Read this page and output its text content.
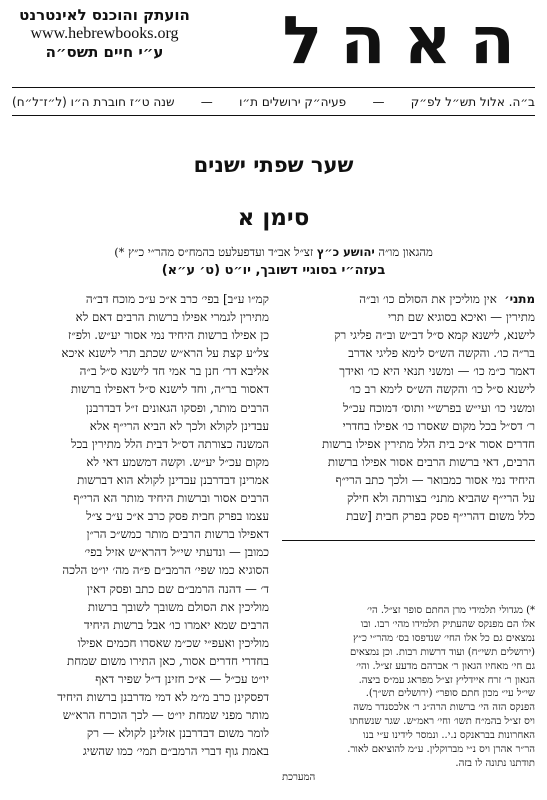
הועתק והוכנס לאינטרנט
www.hebrewbooks.org
ע״י חיים תשס״ה	האהל
ב״ה. אלול תש״ל לפ״ק
—
פעיה״ק ירושלים ת״ו
—
שנה ט״ז חוברת ה״ו (ל״ז־ל״ח)
שער שפתי ישנים
סימן א
מהגאון מו״ה יהושע כ״ץ זצ״ל אב״ד ועדפעלעט בהמח״ס מהר״י כ״ץ *)
בעזה״י בסוגיי דשובך, יו״ט (ט׳ ע״א)
מתני׳  אין מוליכין את הסולם כו׳ וב״ה
מתירין — ואיכא בסוגיא שם תרי
לישנא, לישנא קמא ס״ל דב״ש וב״ה פליגי רק
בר״ה כו׳. והקשה הש״ס לימא פליגי אדרב
דאמר כ״מ כו׳ — ומשני תנאי היא כו׳ ואידך
לישנא ס״ל כו׳ והקשה הש״ס לימא רב כו׳
ומשני כו׳ ועי״ש בפרש״י ותוס׳ דמוכח עכ״ל
ר׳ דס״ל בכל מקום שאסרו כו׳ אפילו בחדרי
חדרים אסור א״כ בית הלל מתירין אפילו ברשות
הרבים, דאי ברשות הרבים אסור אפילו ברשות
היחיד נמי אסור כמבואר — ולכך כתב הרי״ף
על הרי״ף שהביא מתני׳ בצורתה ולא חילק
כלל משום דהרי״ף פסק בפרק חבית [שבת
*) מגדולי תלמידי מרן החתם סופר זצ״ל. הי׳
אלו הם מפנקס שהעתיק תלמידו מהי׳ רבו. ובו
נמצאים גם כל אלו החי׳ שנדפסו בס׳ מהר״י כ״ץ
(ירושלים תשי״ח) ועוד דרשות רבות. וכן נמצאים
גם חי׳ מאחיו הגאון ר׳ אברהם מדעע זצ״ל. והי׳
הגאון ר׳ זרח איידליץ זצ״ל מפראג עמ״ס ביצה.
שי״ל עי״ מכון חתם סופר״ (ירושלים תש״ך).
הפנקס הזה הי׳ ברשות הרה״ג ר׳ אלכסנדר משה
ויס זצ״ל בהמ״ח תשו׳ וחי׳ ראמ״ש. שגר שנשחתו
האחרונות בבראנקס נ.י.. ונמסר לידינו ע״י בנו
הר״ר אהרן ויס נ״י מברוקלין. ע״מ להוציאם לאור.
תודתנו נתונה לו בזה.
המערכת
קמ״ו ע״ב] בפי׳ כרב א״כ ע״כ מוכח דב״ה
מתירין לגמרי אפילו ברשות הרבים דאם לא
כן אפילו ברשות היחיד נמי אסור יע״ש. ולפ״ז
צל״ע קצת על הרא״ש שכתב תרי לישנא איכא
אליבא דר׳ חנן בר אמי חד לישנא ס״ל ב״ה
דאסור בר״ה, וחד לישנא ס״ל דאפילו ברשות
הרבים מותר, ופסקו הגאונים ז״ל דבדרבנן
עבדינן לקולא ולכך לא הביא הרי״ף אלא
המשנה כצורתה דס״ל דבית הלל מתירין בכל
מקום עכ״ל יע״ש. וקשה דמשמע דאי לא
אמרינן דבדרבנן עבדינן לקולא הוא דברשות
הרבים אסור וברשות היחיד מותר הא הרי״ף
עצמו בפרק חבית פסק כרב א״כ ע״כ צ״ל
דאפילו ברשות הרבים מותר כמש״כ הר״ן
כמובן — ונדעתי שי״ל דהרא״ש אזיל בפי׳
הסוגיא כמו שפי׳ הרמב״ם פ״ה מה׳ יו״ט הלכה
ד׳ — דהנה הרמב״ם שם כתב ופסק דאין
מוליכין את הסולם משובך לשובך ברשות
הרבים שמא יאמרו כו׳ אבל ברשות היחיד
מוליכין ואעפ״י שכ״מ שאסרו חכמים אפילו
בחדרי חדרים אסור, כאן התירו משום שמחת
יו״ט עכ״ל — א״כ חזינן ד״ל שפיר דאף
דפסקינן כרב מ״מ לא דמי מדרבנן ברשות היחיד
מותר מפני שמחת יו״ט — לכך הוכרח הרא״ש
לומר משום דבדרבנן אזלינן לקולא — רק
באמת גוף דברי הרמב״ם תמי׳ כמו שהשיג
